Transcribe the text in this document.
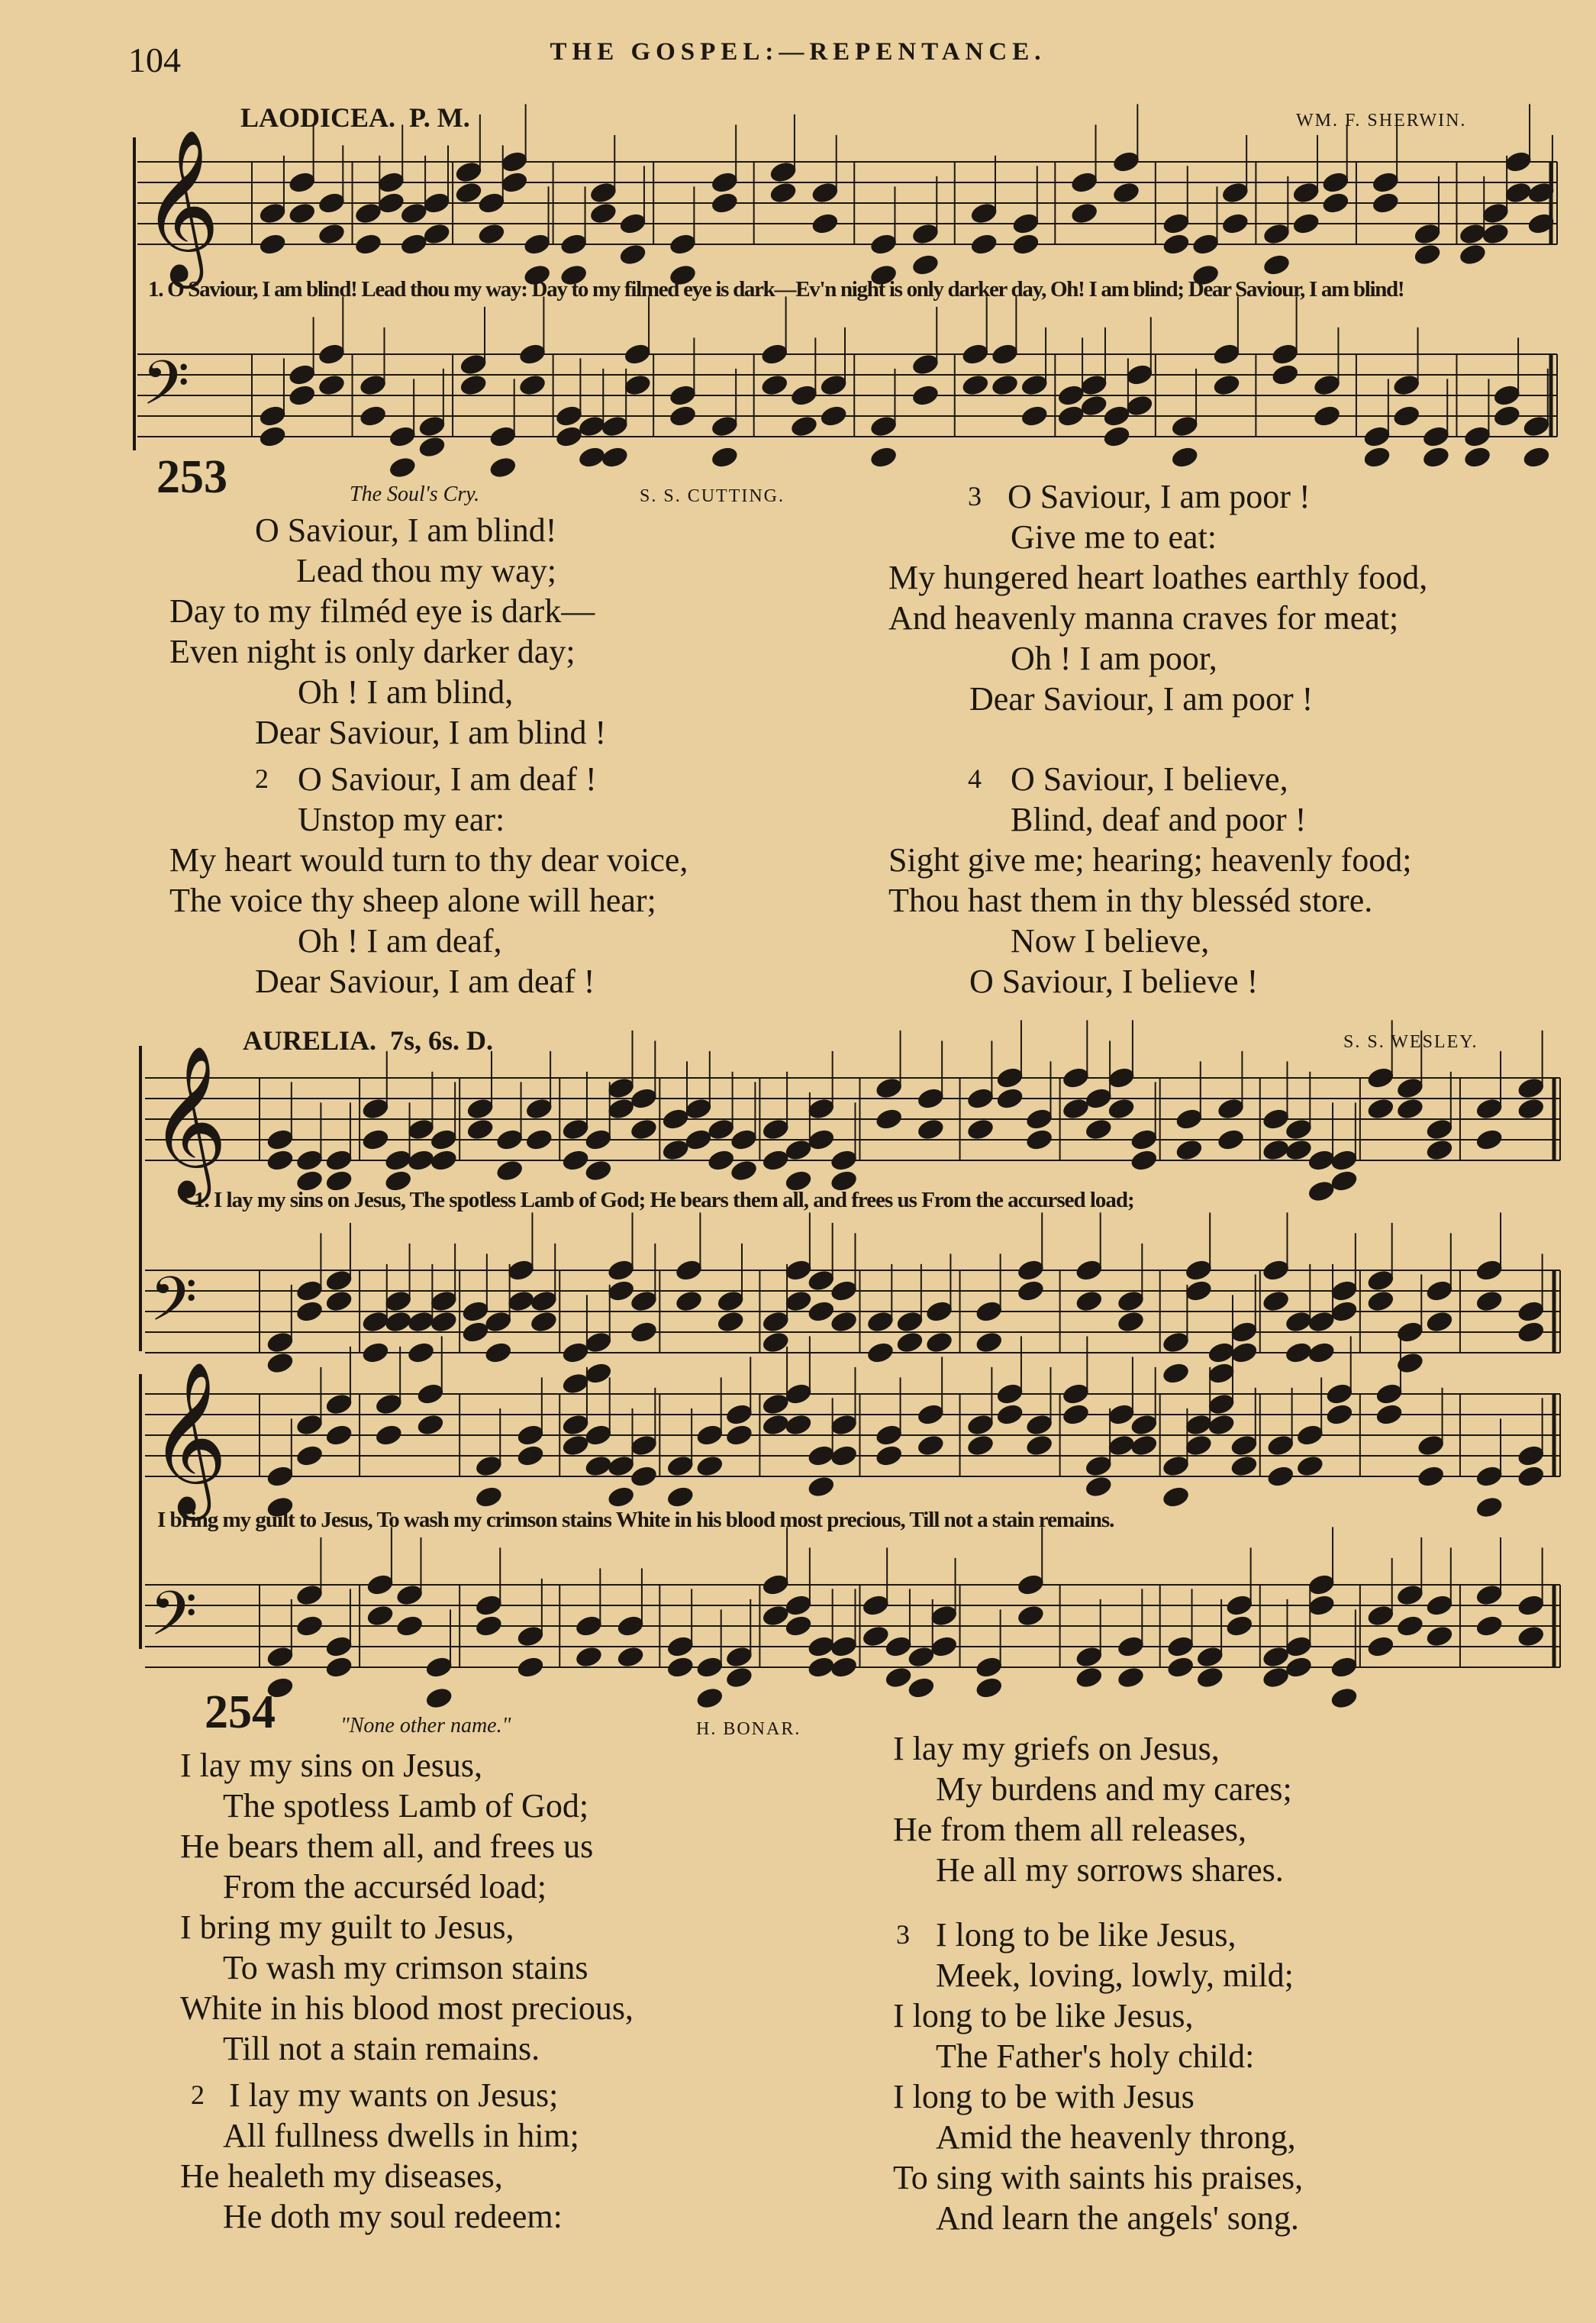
104	THE GOSPEL:—REPENTANCE.
𝄞
𝄢
𝄞
𝄢
𝄞
𝄢
LAODICEA. P. M.	WM. F. SHERWIN.
1. O Saviour, I am blind! Lead thou my way: Day to my filmed eye is dark—Ev'n night is only darker day, Oh! I am blind; Dear Saviour, I am blind!
253	The Soul's Cry.	S. S. CUTTING.
O Saviour, I am blind!
Lead thou my way;
Day to my filméd eye is dark—
Even night is only darker day;
Oh ! I am blind,
Dear Saviour, I am blind !
2 O Saviour, I am deaf !
Unstop my ear:
My heart would turn to thy dear voice,
The voice thy sheep alone will hear;
Oh ! I am deaf,
Dear Saviour, I am deaf !
3 O Saviour, I am poor !
Give me to eat:
My hungered heart loathes earthly food,
And heavenly manna craves for meat;
Oh ! I am poor,
Dear Saviour, I am poor !
4 O Saviour, I believe,
Blind, deaf and poor !
Sight give me; hearing; heavenly food;
Thou hast them in thy blesséd store.
Now I believe,
O Saviour, I believe !
AURELIA. 7s, 6s. D.	S. S. WESLEY.
1. I lay my sins on Jesus, The spotless Lamb of God; He bears them all, and frees us From the accursed load;
I bring my guilt to Jesus, To wash my crimson stains White in his blood most precious, Till not a stain remains.
254	"None other name."	H. BONAR.
I lay my sins on Jesus,
The spotless Lamb of God;
He bears them all, and frees us
From the accurséd load;
I bring my guilt to Jesus,
To wash my crimson stains
White in his blood most precious,
Till not a stain remains.
2 I lay my wants on Jesus;
All fullness dwells in him;
He healeth my diseases,
He doth my soul redeem:
I lay my griefs on Jesus,
My burdens and my cares;
He from them all releases,
He all my sorrows shares.
3 I long to be like Jesus,
Meek, loving, lowly, mild;
I long to be like Jesus,
The Father's holy child:
I long to be with Jesus
Amid the heavenly throng,
To sing with saints his praises,
And learn the angels' song.
